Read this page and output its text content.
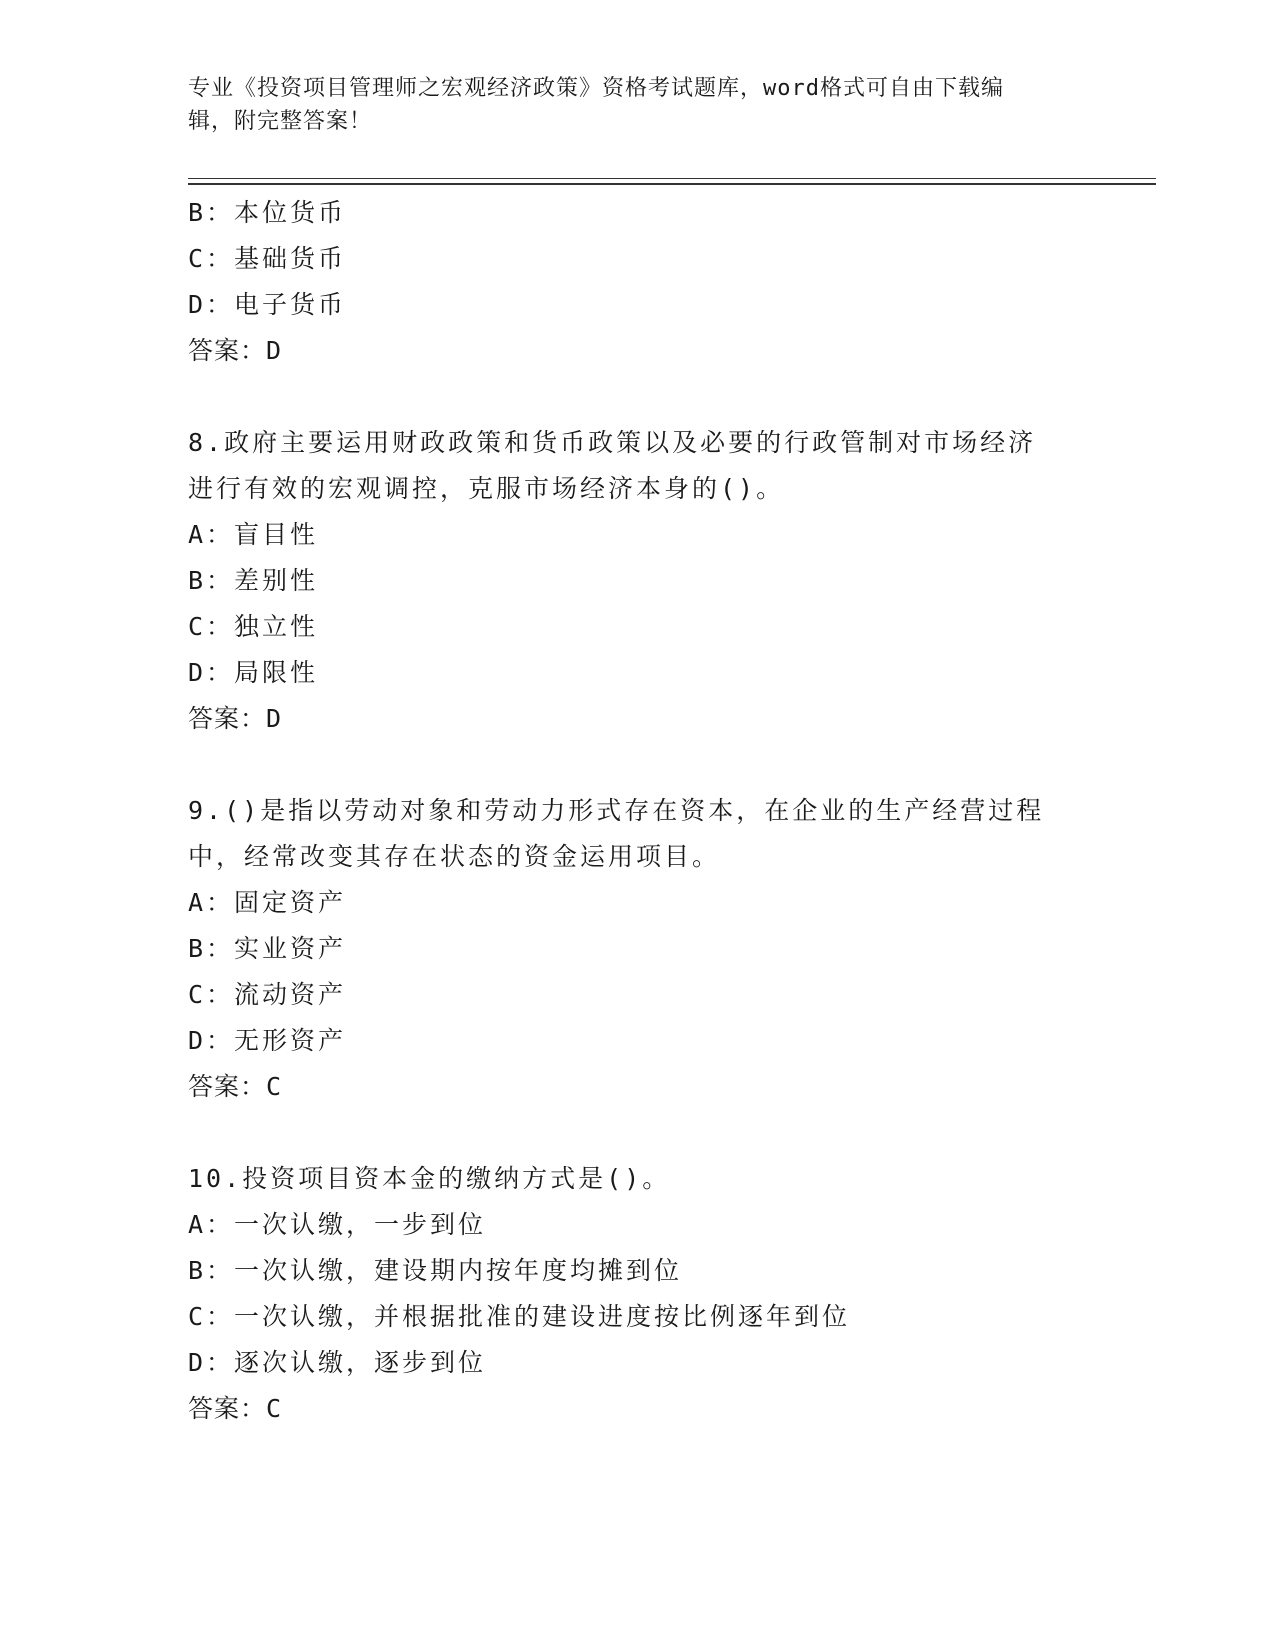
专业《投资项目管理师之宏观经济政策》资格考试题库，word格式可自由下载编
辑，附完整答案！
B：本位货币
C：基础货币
D：电子货币
答案：D
8.政府主要运用财政政策和货币政策以及必要的行政管制对市场经济
进行有效的宏观调控，克服市场经济本身的()。
A：盲目性
B：差别性
C：独立性
D：局限性
答案：D
9.()是指以劳动对象和劳动力形式存在资本，在企业的生产经营过程
中，经常改变其存在状态的资金运用项目。
A：固定资产
B：实业资产
C：流动资产
D：无形资产
答案：C
10.投资项目资本金的缴纳方式是()。
A：一次认缴，一步到位
B：一次认缴，建设期内按年度均摊到位
C：一次认缴，并根据批准的建设进度按比例逐年到位
D：逐次认缴，逐步到位
答案：C
